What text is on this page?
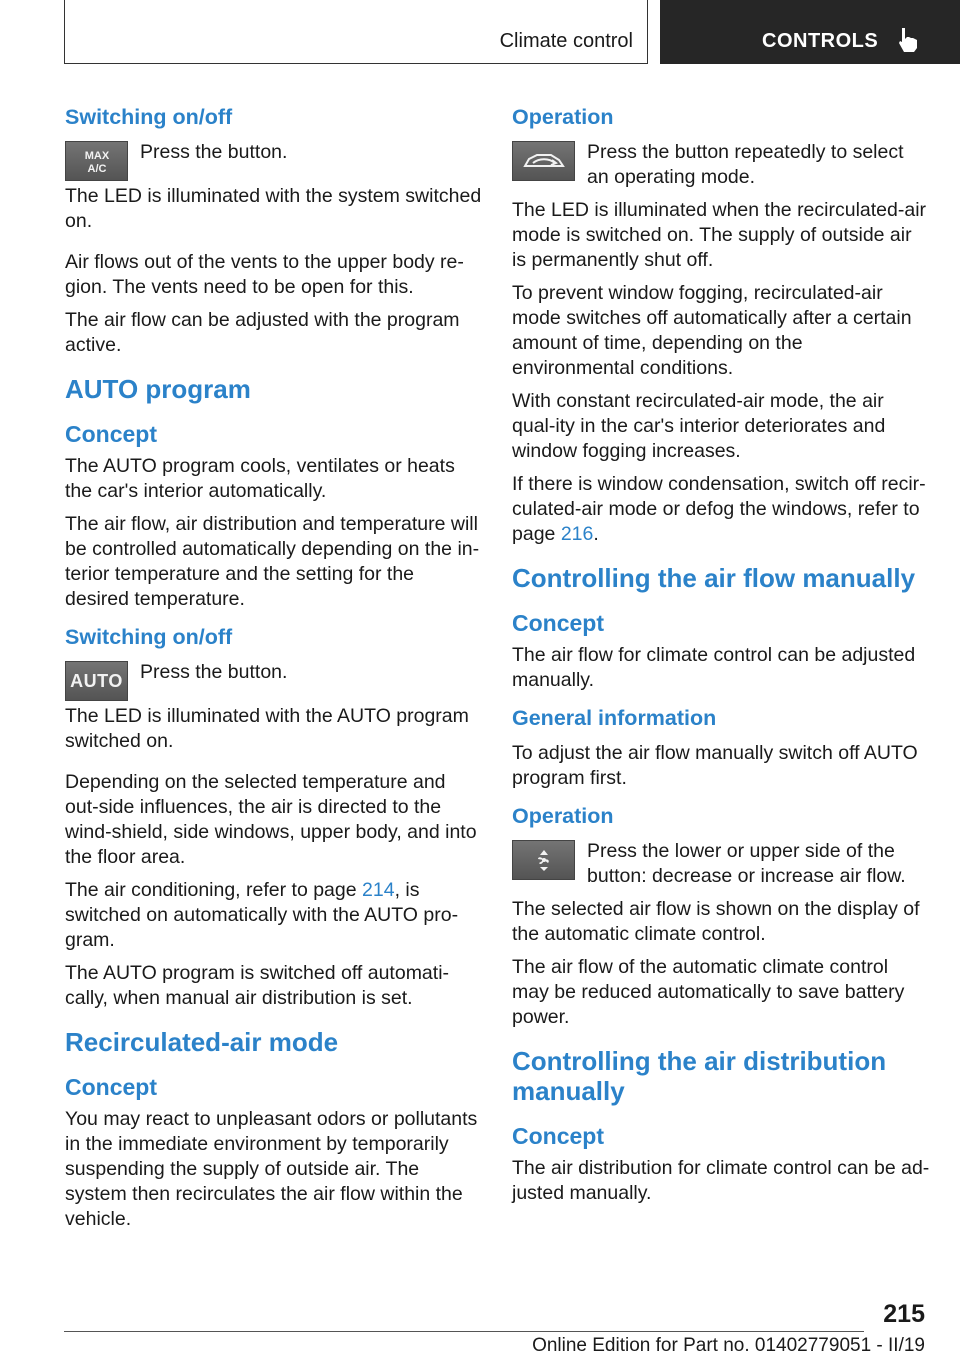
Climate control	CONTROLS
Switching on/off
MAX
A/C

Press the button.

The LED is illuminated with the system switched on.

Air flows out of the vents to the upper body re-gion. The vents need to be open for this.

The air flow can be adjusted with the program active.

AUTO program
Concept

The AUTO program cools, ventilates or heats the car's interior automatically.

The air flow, air distribution and temperature will be controlled automatically depending on the in-terior temperature and the setting for the desired temperature.

Switching on/off
AUTO Press the button.

The LED is illuminated with the AUTO program switched on.

Depending on the selected temperature and out-side influences, the air is directed to the wind-shield, side windows, upper body, and into the floor area.

The air conditioning, refer to page 214, is switched on automatically with the AUTO pro-gram.

The AUTO program is switched off automati-cally, when manual air distribution is set.

Recirculated-air mode
Concept

You may react to unpleasant odors or pollutants in the immediate environment by temporarily suspending the supply of outside air. The system then recirculates the air flow within the vehicle.

Operation

Press the button repeatedly to select an operating mode.

The LED is illuminated when the recirculated-air mode is switched on. The supply of outside air is permanently shut off.

To prevent window fogging, recirculated-air mode switches off automatically after a certain amount of time, depending on the environmental conditions.

With constant recirculated-air mode, the air qual-ity in the car's interior deteriorates and window fogging increases.

If there is window condensation, switch off recir-culated-air mode or defog the windows, refer to page 216.

Controlling the air flow manually
Concept

The air flow for climate control can be adjusted manually.

General information

To adjust the air flow manually switch off AUTO program first.

Operation

Press the lower or upper side of the button: decrease or increase air flow.

The selected air flow is shown on the display of the automatic climate control.

The air flow of the automatic climate control may be reduced automatically to save battery power.

Controlling the air distribution manually
Concept

The air distribution for climate control can be ad-justed manually.

215
Online Edition for Part no. 01402779051 - II/19
